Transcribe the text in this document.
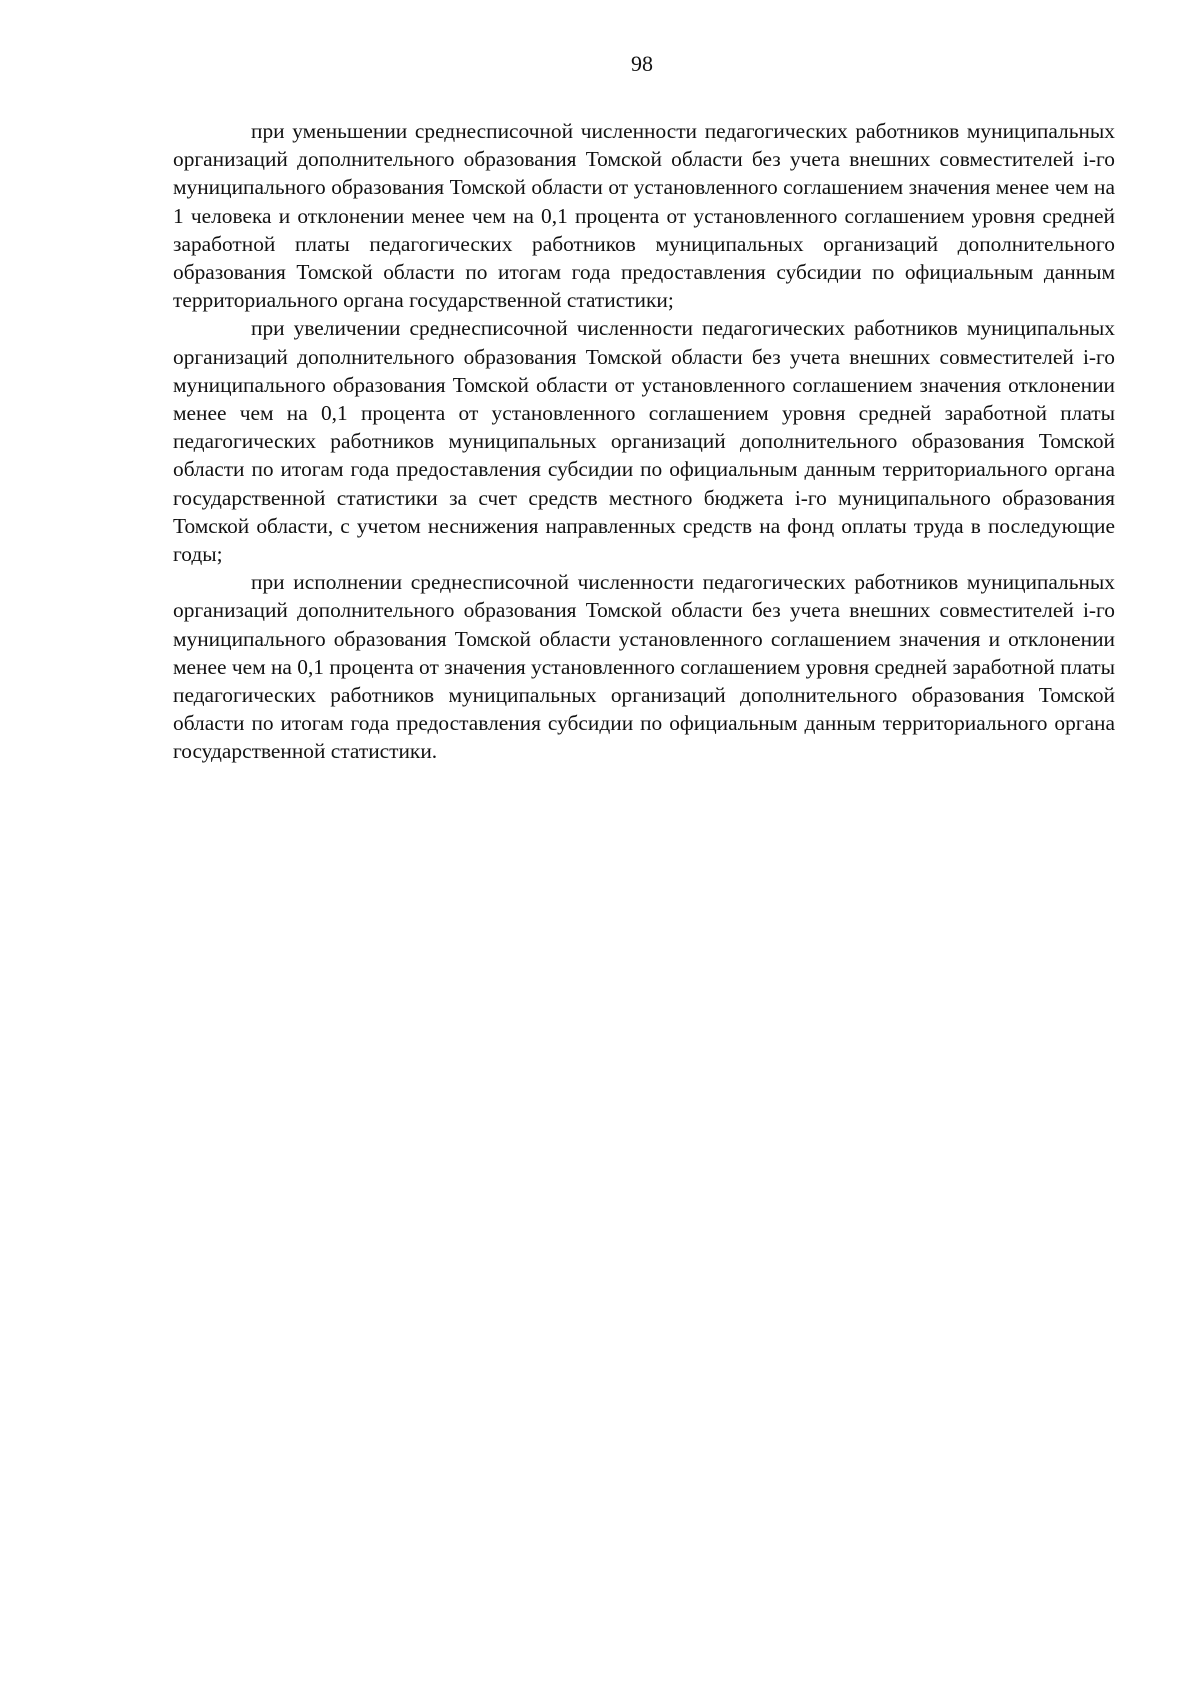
98

при уменьшении среднесписочной численности педагогических работников муниципальных организаций дополнительного образования Томской области без учета внешних совместителей i-го муниципального образования Томской области от установленного соглашением значения менее чем на 1 человека и отклонении менее чем на 0,1 процента от установленного соглашением уровня средней заработной платы педагогических работников муниципальных организаций дополнительного образования Томской области по итогам года предоставления субсидии по официальным данным территориального органа государственной статистики;

при увеличении среднесписочной численности педагогических работников муниципальных организаций дополнительного образования Томской области без учета внешних совместителей i-го муниципального образования Томской области от установленного соглашением значения отклонении менее чем на 0,1 процента от установленного соглашением уровня средней заработной платы педагогических работников муниципальных организаций дополнительного образования Томской области по итогам года предоставления субсидии по официальным данным территориального органа государственной статистики за счет средств местного бюджета i-го муниципального образования Томской области, с учетом неснижения направленных средств на фонд оплаты труда в последующие годы;

при исполнении среднесписочной численности педагогических работников муниципальных организаций дополнительного образования Томской области без учета внешних совместителей i-го муниципального образования Томской области установленного соглашением значения и отклонении менее чем на 0,1 процента от значения установленного соглашением уровня средней заработной платы педагогических работников муниципальных организаций дополнительного образования Томской области по итогам года предоставления субсидии по официальным данным территориального органа государственной статистики.
